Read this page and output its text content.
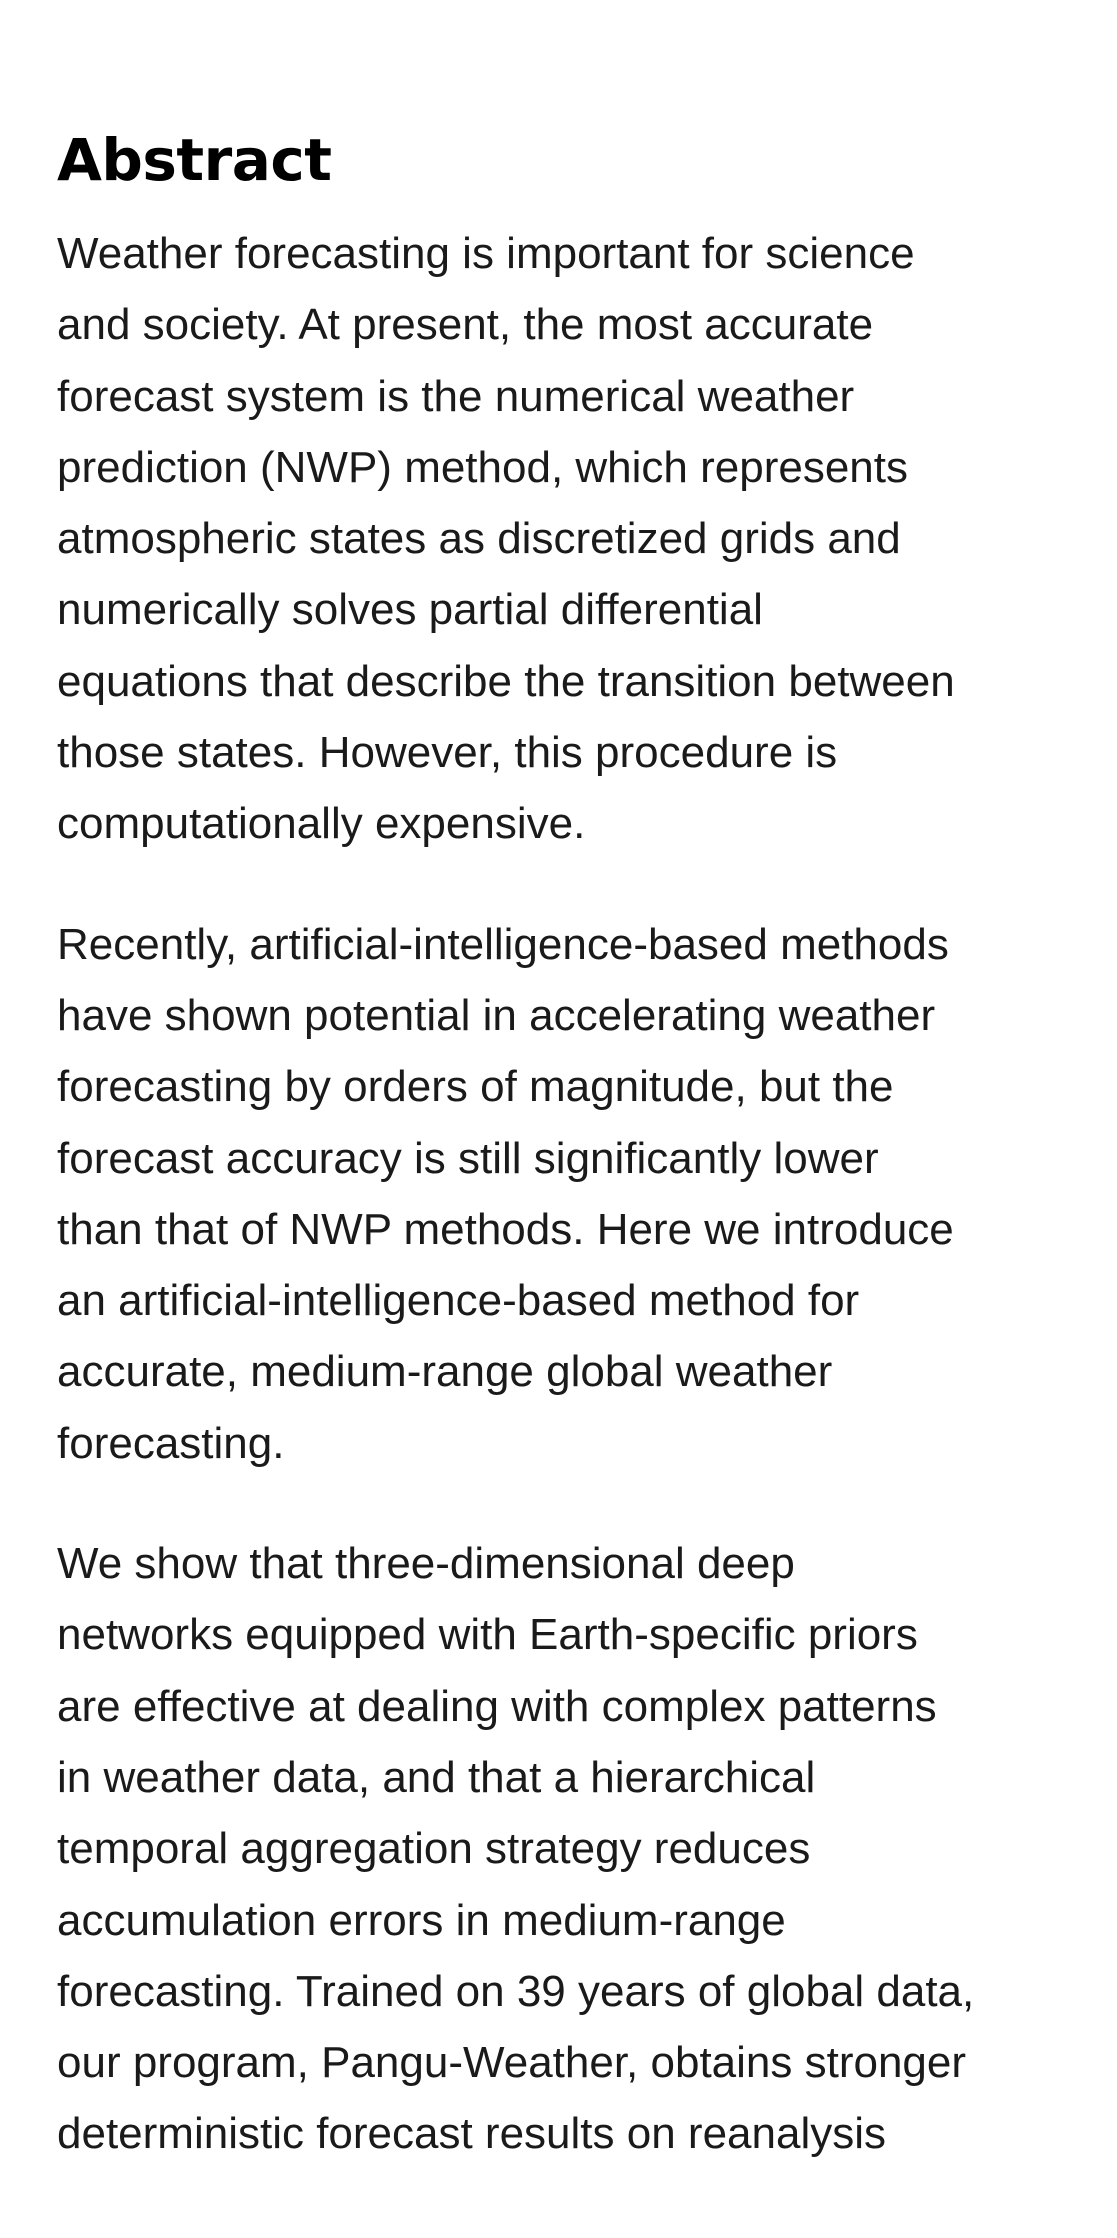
Abstract

Weather forecasting is important for science
and society. At present, the most accurate
forecast system is the numerical weather
prediction (NWP) method, which represents
atmospheric states as discretized grids and
numerically solves partial differential
equations that describe the transition between
those states. However, this procedure is
computationally expensive.

Recently, artificial-intelligence-based methods
have shown potential in accelerating weather
forecasting by orders of magnitude, but the
forecast accuracy is still significantly lower
than that of NWP methods. Here we introduce
an artificial-intelligence-based method for
accurate, medium-range global weather
forecasting.

We show that three-dimensional deep
networks equipped with Earth-specific priors
are effective at dealing with complex patterns
in weather data, and that a hierarchical
temporal aggregation strategy reduces
accumulation errors in medium-range
forecasting. Trained on 39 years of global data,
our program, Pangu-Weather, obtains stronger
deterministic forecast results on reanalysis
